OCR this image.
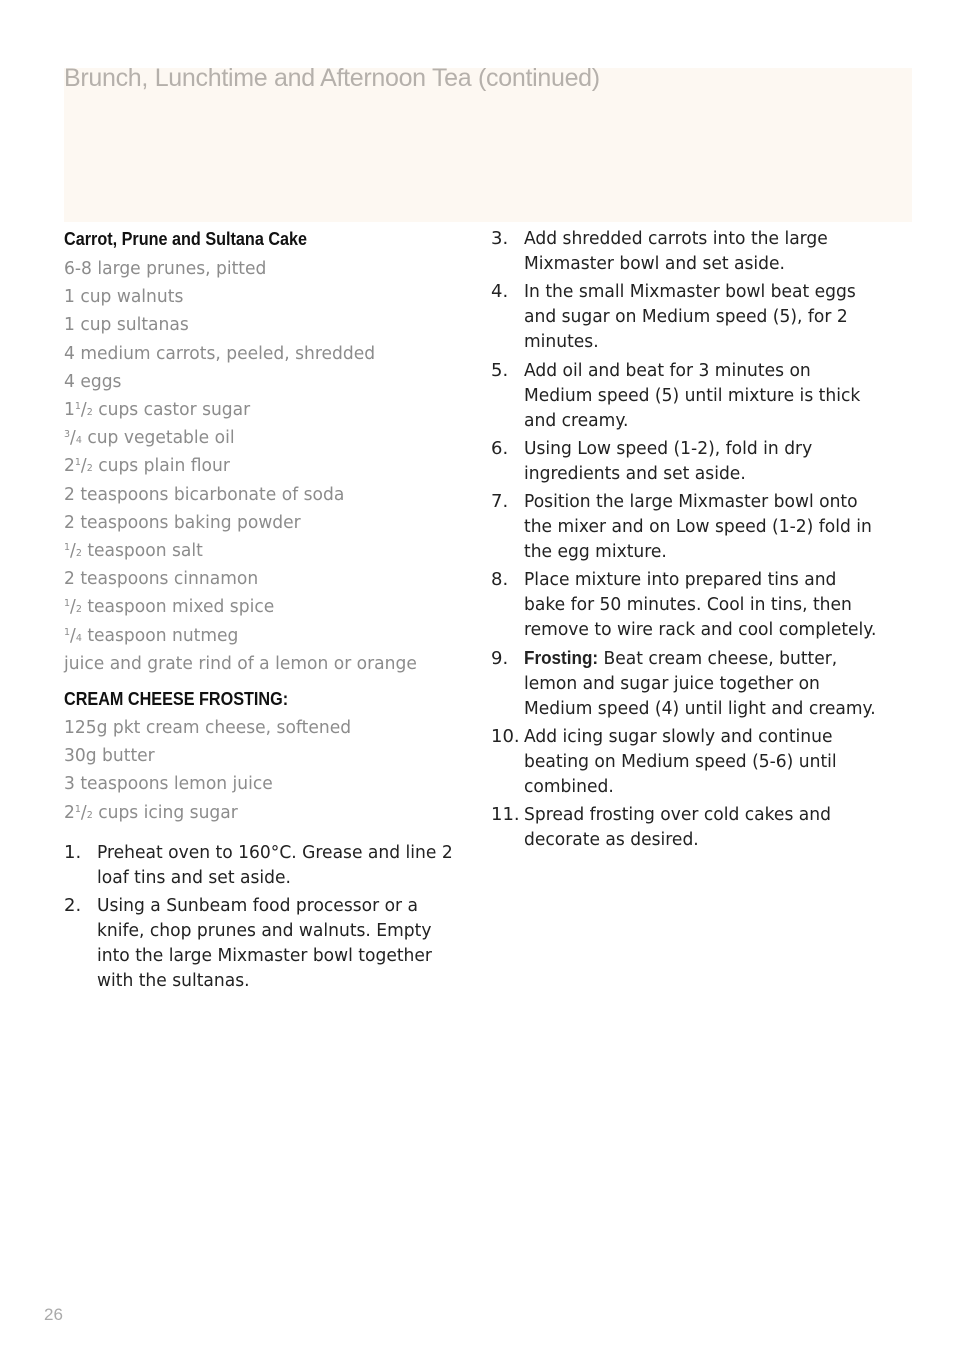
Brunch, Lunchtime and Afternoon Tea (continued)
Carrot, Prune and Sultana Cake
6-8 large prunes, pitted
1 cup walnuts
1 cup sultanas
4 medium carrots, peeled, shredded
4 eggs
$1^1/2$ cups castor sugar
$^3$/4 cup vegetable oil
$2^1/2$ cups plain flour
2 teaspoons bicarbonate of soda
2 teaspoons baking powder
$^1$/2 teaspoon salt
2 teaspoons cinnamon
$^1$/2 teaspoon mixed spice
$^1$/4 teaspoon nutmeg
juice and grate rind of a lemon or orange
CREAM CHEESE FROSTING:
125g pkt cream cheese, softened
30g butter
3 teaspoons lemon juice
$2^1/2$ cups icing sugar
1. Preheat oven to 160°C. Grease and line 2 loaf tins and set aside.
2. Using a Sunbeam food processor or a knife, chop prunes and walnuts. Empty into the large Mixmaster bowl together with the sultanas.
3. Add shredded carrots into the large Mixmaster bowl and set aside.
4. In the small Mixmaster bowl beat eggs and sugar on Medium speed (5), for 2 minutes.
5. Add oil and beat for 3 minutes on Medium speed (5) until mixture is thick and creamy.
6. Using Low speed (1-2), fold in dry ingredients and set aside.
7. Position the large Mixmaster bowl onto the mixer and on Low speed (1-2) fold in the egg mixture.
8. Place mixture into prepared tins and bake for 50 minutes. Cool in tins, then remove to wire rack and cool completely.
9. Frosting: Beat cream cheese, butter, lemon and sugar juice together on Medium speed (4) until light and creamy.
10. Add icing sugar slowly and continue beating on Medium speed (5-6) until combined.
11. Spread frosting over cold cakes and decorate as desired.
26
